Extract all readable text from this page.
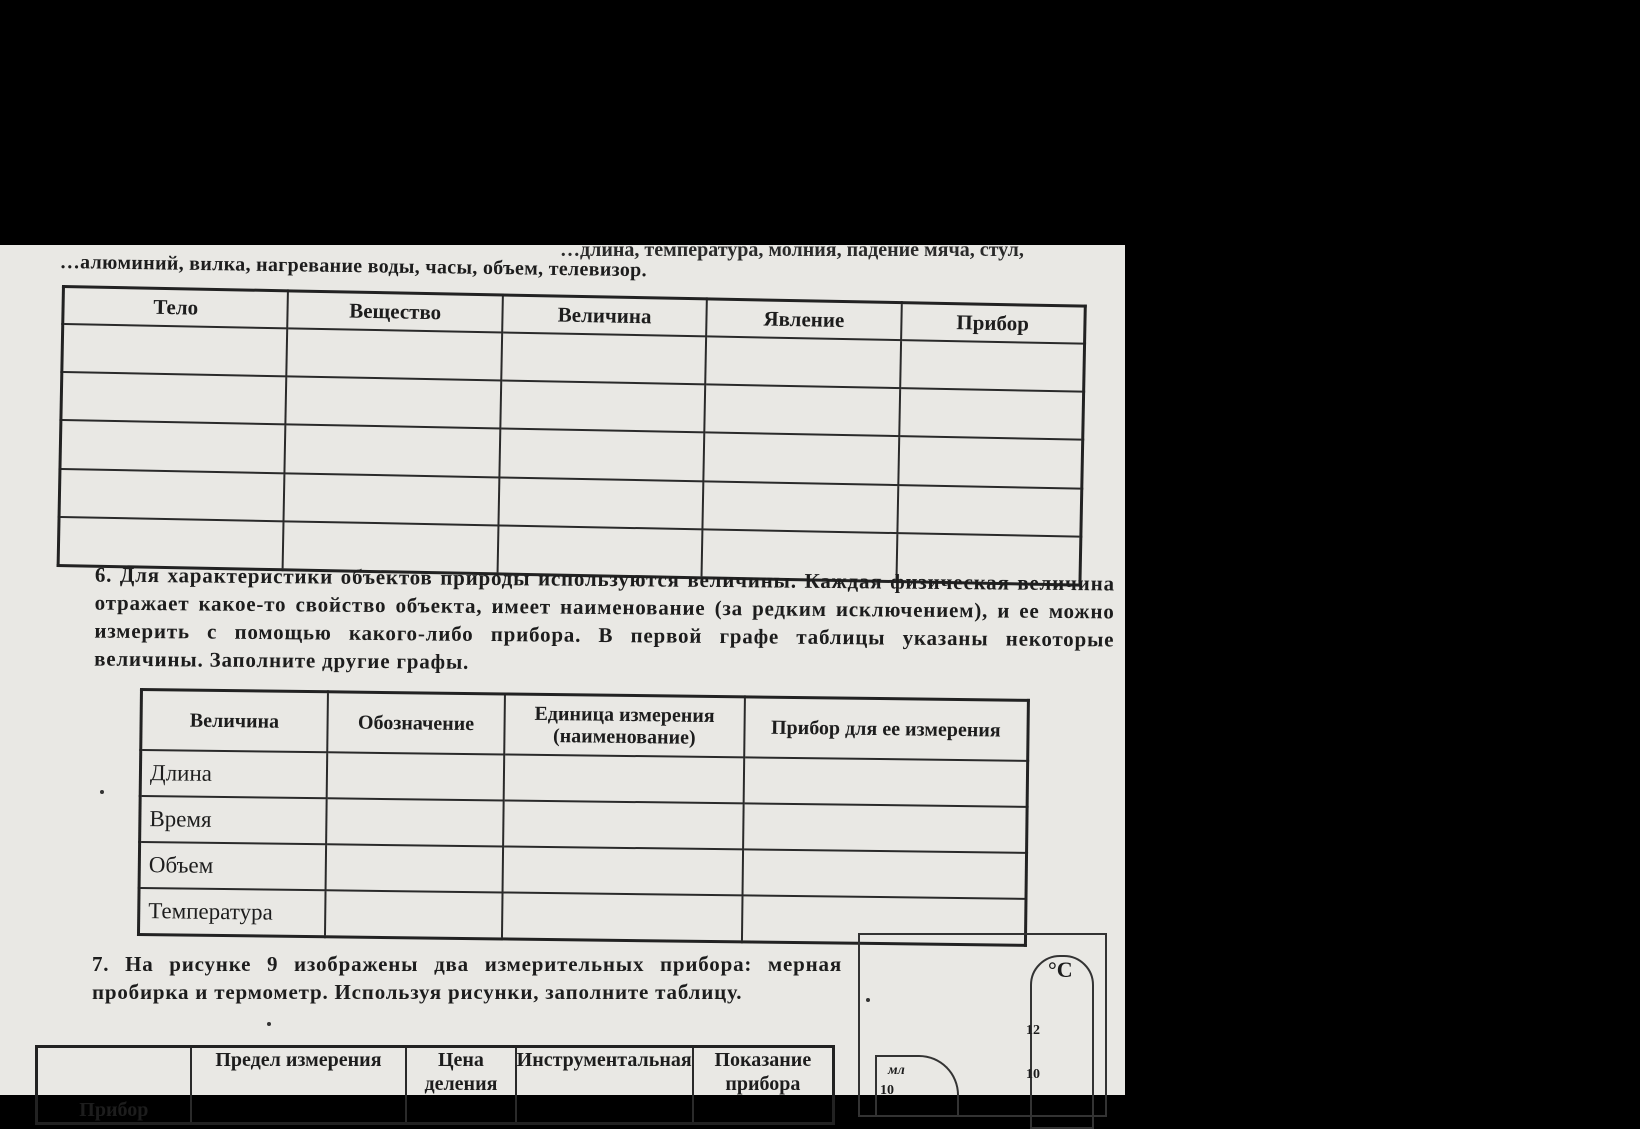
…длина, температура, молния, падение мяча, стул,
…алюминий, вилка, нагревание воды, часы, объем, телевизор.
Тело	Вещество	Величина	Явление	Прибор

6. Для характеристики объектов природы используются величины. Каждая физическая величина отражает какое-то свойство объекта, имеет наименование (за редким исключением), и ее можно измерить с помощью какого-либо прибора. В первой графе таблицы указаны некоторые величины. Заполните другие графы.
Величина	Обозначение	Единица измерения (наименование)	Прибор для ее измерения
Длина			
Время			
Объем			
Температура			
7. На рисунке 9 изображены два измерительных прибора: мерная пробирка и термометр. Используя рисунки, заполните таблицу.
Прибор	Предел измерения	Цена деления	Инструментальная	Показание прибора
°C
12
10
мл
10
